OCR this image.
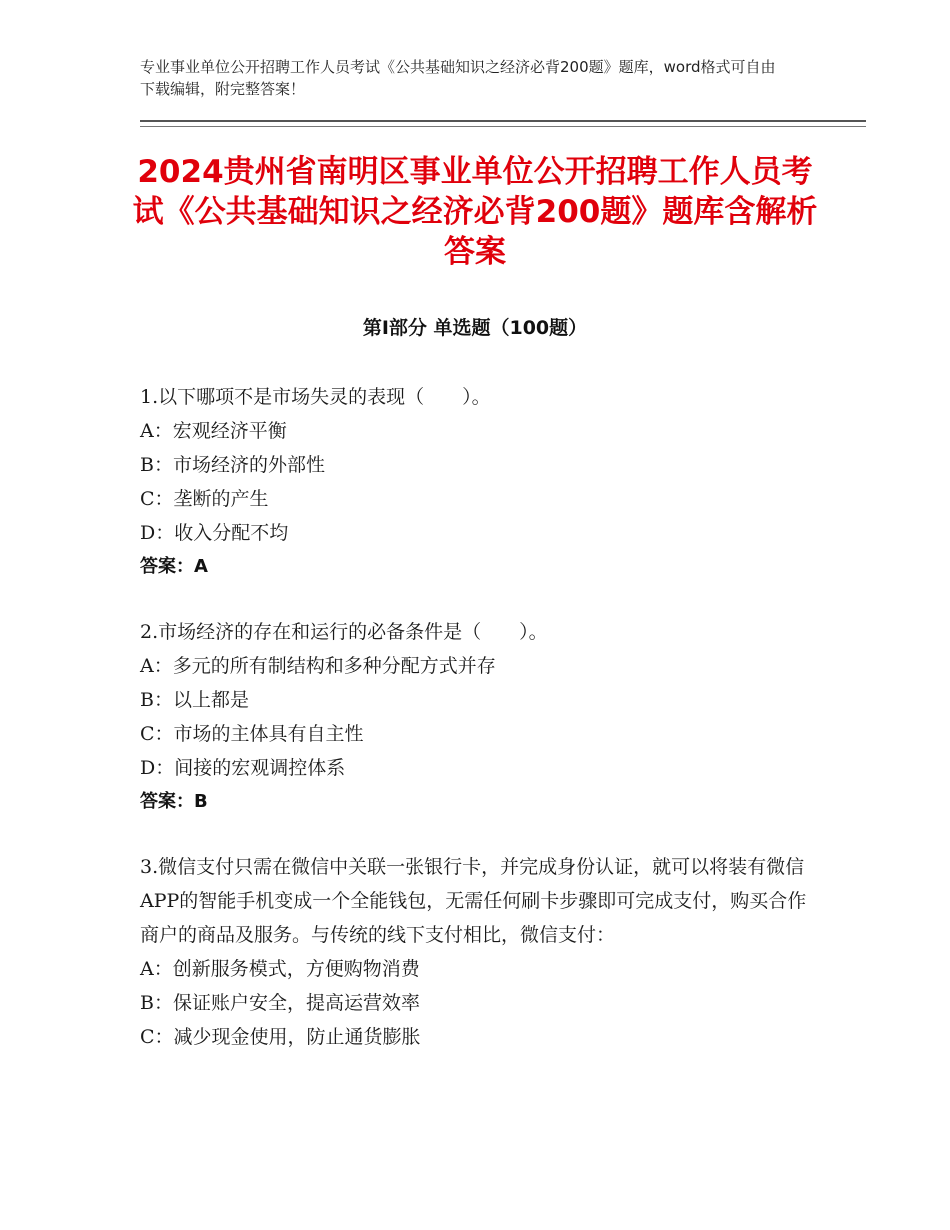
专业事业单位公开招聘工作人员考试《公共基础知识之经济必背200题》题库，word格式可自由下载编辑，附完整答案！
2024贵州省南明区事业单位公开招聘工作人员考试《公共基础知识之经济必背200题》题库含解析答案
第I部分 单选题（100题）
1.以下哪项不是市场失灵的表现（　　）。
A：宏观经济平衡
B：市场经济的外部性
C：垄断的产生
D：收入分配不均
答案：A
2.市场经济的存在和运行的必备条件是（　　）。
A：多元的所有制结构和多种分配方式并存
B：以上都是
C：市场的主体具有自主性
D：间接的宏观调控体系
答案：B
3.微信支付只需在微信中关联一张银行卡，并完成身份认证，就可以将装有微信APP的智能手机变成一个全能钱包，无需任何刷卡步骤即可完成支付，购买合作商户的商品及服务。与传统的线下支付相比，微信支付：
A：创新服务模式，方便购物消费
B：保证账户安全，提高运营效率
C：减少现金使用，防止通货膨胀
